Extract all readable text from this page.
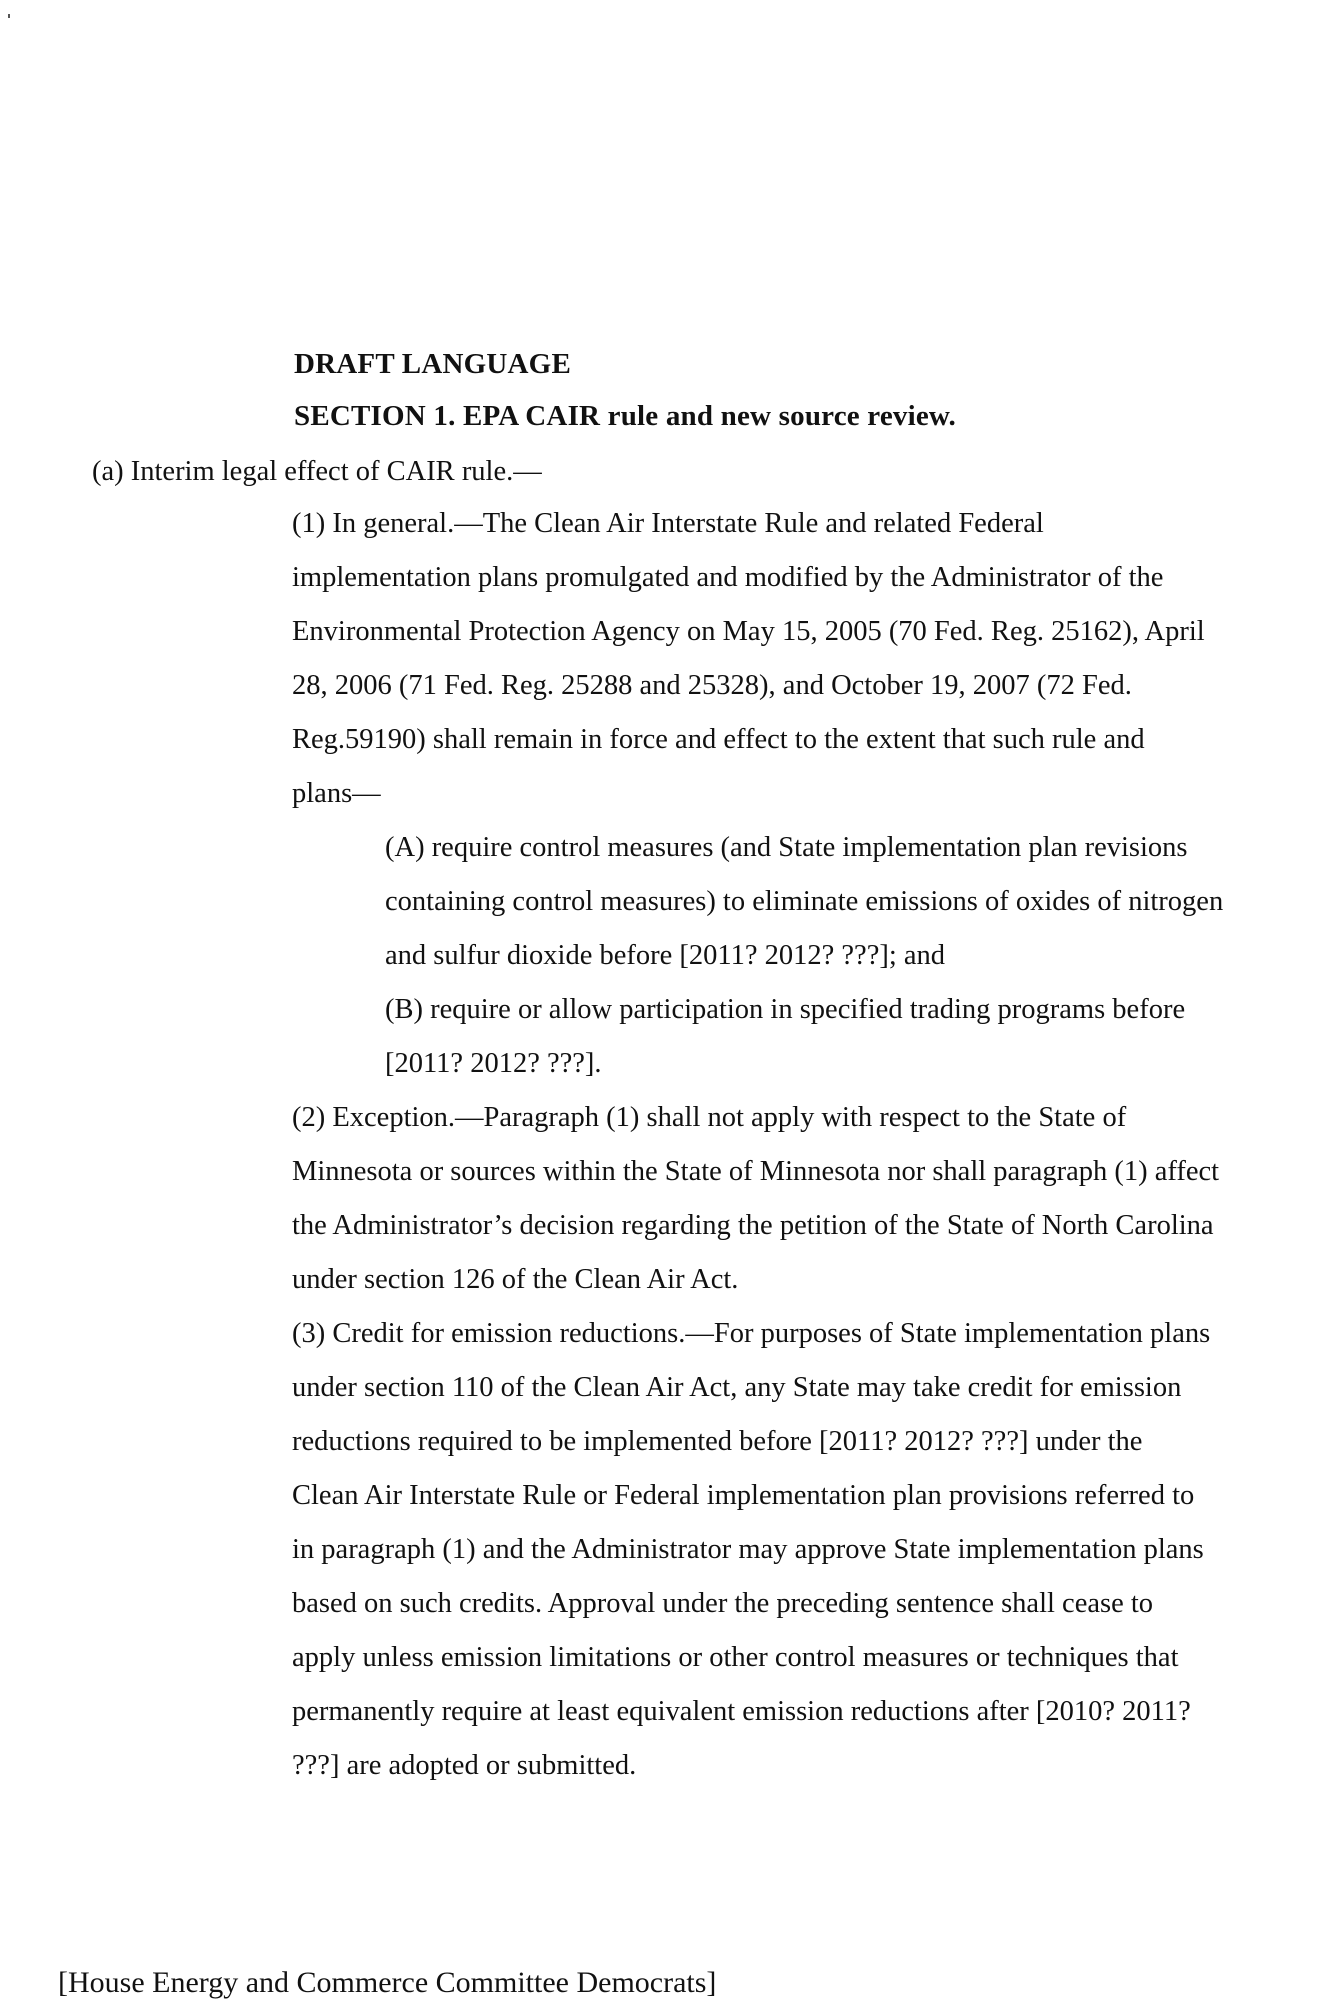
DRAFT LANGUAGE
SECTION 1. EPA CAIR rule and new source review.
(a) Interim legal effect of CAIR rule.—
(1) In general.—The Clean Air Interstate Rule and related Federal
implementation plans promulgated and modified by the Administrator of the
Environmental Protection Agency on May 15, 2005 (70 Fed. Reg. 25162), April
28, 2006 (71 Fed. Reg. 25288 and 25328), and October 19, 2007 (72 Fed.
Reg.59190) shall remain in force and effect to the extent that such rule and
plans—
(A) require control measures (and State implementation plan revisions
containing control measures) to eliminate emissions of oxides of nitrogen
and sulfur dioxide before [2011? 2012? ???]; and
(B) require or allow participation in specified trading programs before
[2011? 2012? ???].
(2) Exception.—Paragraph (1) shall not apply with respect to the State of
Minnesota or sources within the State of Minnesota nor shall paragraph (1) affect
the Administrator’s decision regarding the petition of the State of North Carolina
under section 126 of the Clean Air Act.
(3) Credit for emission reductions.—For purposes of State implementation plans
under section 110 of the Clean Air Act, any State may take credit for emission
reductions required to be implemented before [2011? 2012? ???] under the
Clean Air Interstate Rule or Federal implementation plan provisions referred to
in paragraph (1) and the Administrator may approve State implementation plans
based on such credits. Approval under the preceding sentence shall cease to
apply unless emission limitations or other control measures or techniques that
permanently require at least equivalent emission reductions after [2010? 2011?
???] are adopted or submitted.
[House Energy and Commerce Committee Democrats]
